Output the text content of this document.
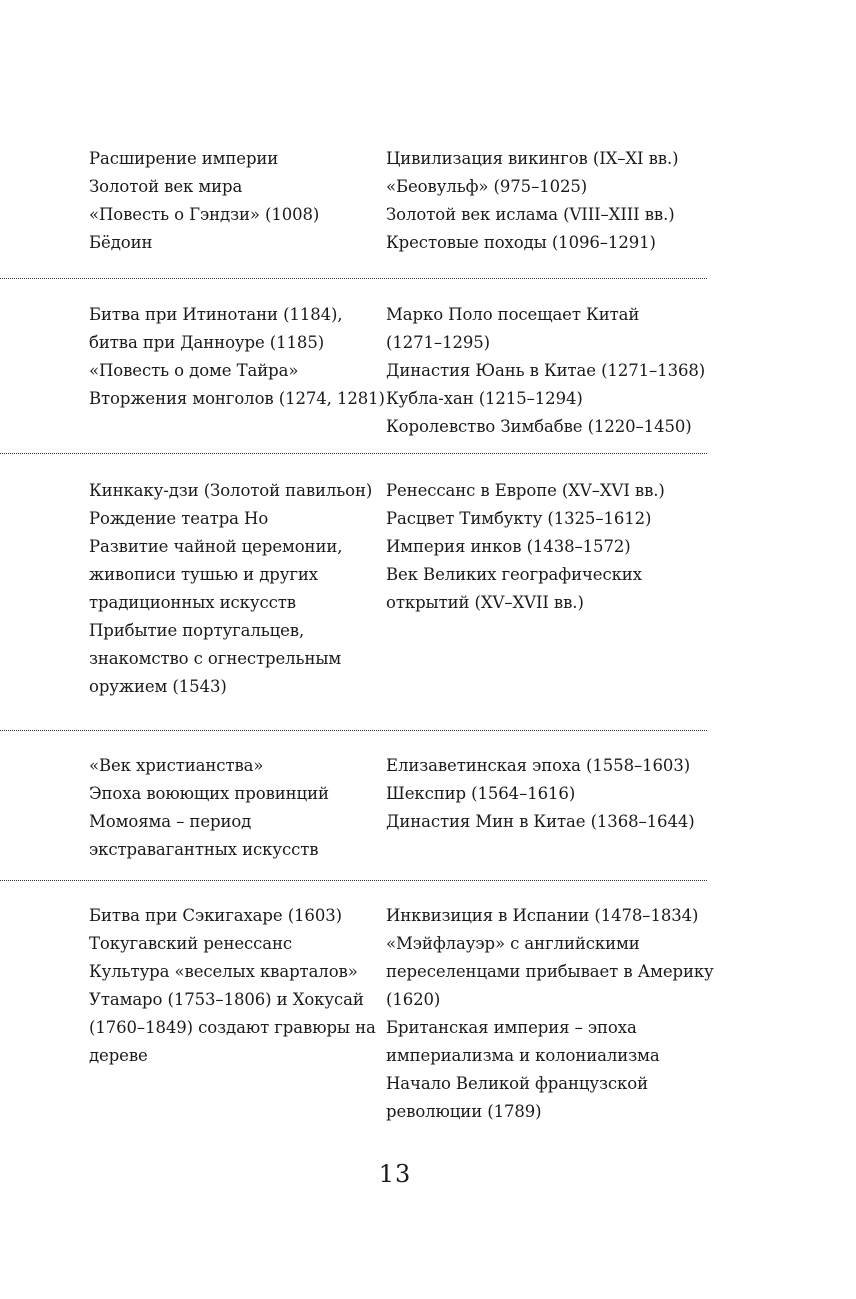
Расширение империи
Золотой век мира
«Повесть о Гэндзи» (1008)
Бёдоин
Цивилизация викингов (IX–XI вв.)
«Беовульф» (975–1025)
Золотой век ислама (VIII–XIII вв.)
Крестовые походы (1096–1291)
Битва при Итинотани (1184),
битва при Данноуре (1185)
«Повесть о доме Тайра»
Вторжения монголов (1274, 1281)
Марко Поло посещает Китай
(1271–1295)
Династия Юань в Китае (1271–1368)
Кубла-хан (1215–1294)
Королевство Зимбабве (1220–1450)
Кинкаку-дзи (Золотой павильон)
Рождение театра Но
Развитие чайной церемонии,
живописи тушью и других
традиционных искусств
Прибытие португальцев,
знакомство с огнестрельным
оружием (1543)
Ренессанс в Европе (XV–XVI вв.)
Расцвет Тимбукту (1325–1612)
Империя инков (1438–1572)
Век Великих географических
открытий (XV–XVII вв.)
«Век христианства»
Эпоха воюющих провинций
Момояма – период
экстравагантных искусств
Елизаветинская эпоха (1558–1603)
Шекспир (1564–1616)
Династия Мин в Китае (1368–1644)
Битва при Сэкигахаре (1603)
Токугавский ренессанс
Культура «веселых кварталов»
Утамаро (1753–1806) и Хокусай
(1760–1849) создают гравюры на
дереве
Инквизиция в Испании (1478–1834)
«Мэйфлауэр» с английскими
переселенцами прибывает в Америку
(1620)
Британская империя – эпоха
империализма и колониализма
Начало Великой французской
революции (1789)
13
